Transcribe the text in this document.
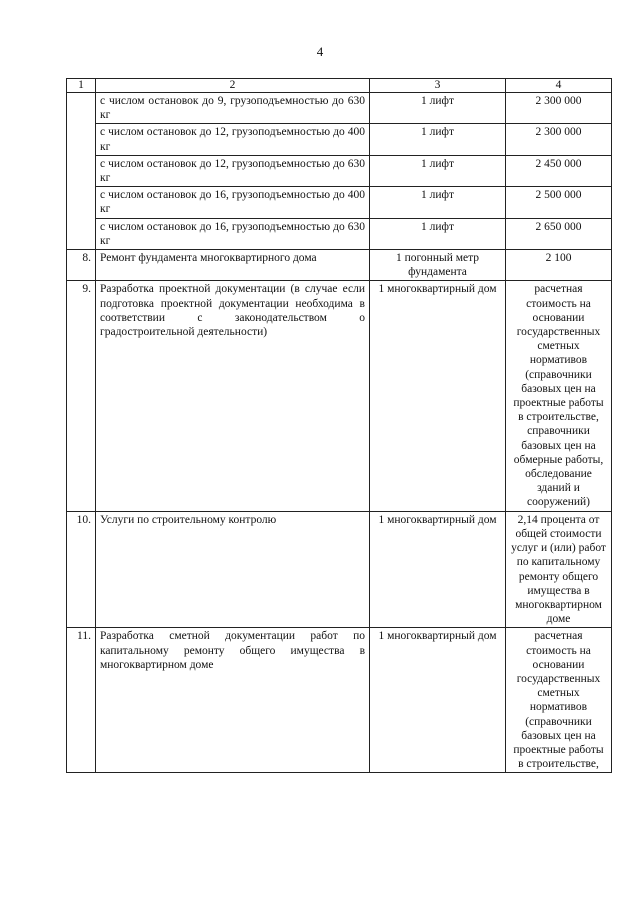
4
1	2	3	4
	с числом остановок до 9, грузоподъемностью до 630 кг	1 лифт	2 300 000
	с числом остановок до 12, грузоподъемностью до 400 кг	1 лифт	2 300 000
	с числом остановок до 12, грузоподъемностью до 630 кг	1 лифт	2 450 000
	с числом остановок до 16, грузоподъемностью до 400 кг	1 лифт	2 500 000
	с числом остановок до 16, грузоподъемностью до 630 кг	1 лифт	2 650 000
8.	Ремонт фундамента многоквартирного дома	1 погонный метр фундамента	2 100
9.	Разработка проектной документации (в случае если подготовка проектной документации необходима в соответствии с законодательством о градостроительной деятельности)	1 многоквартирный дом	расчетная стоимость на основании государственных сметных нормативов (справочники базовых цен на проектные работы в строительстве, справочники базовых цен на обмерные работы, обследование зданий и сооружений)
10.	Услуги по строительному контролю	1 многоквартирный дом	2,14 процента от общей стоимости услуг и (или) работ по капитальному ремонту общего имущества в многоквартирном доме
11.	Разработка сметной документации работ по капитальному ремонту общего имущества в многоквартирном доме	1 многоквартирный дом	расчетная стоимость на основании государственных сметных нормативов (справочники базовых цен на проектные работы в строительстве,
